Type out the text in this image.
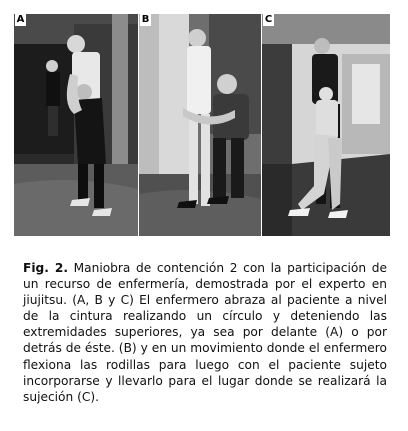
A	B	C

Fig. 2. Maniobra de contención 2 con la participación de un recurso de enfermería, demostrada por el experto en jiujitsu. (A, B y C) El enfermero abraza al paciente a nivel de la cintura realizando un círculo y deteniendo las extremidades superiores, ya sea por delante (A) o por detrás de éste. (B) y en un movimiento donde el enfermero flexiona las rodillas para luego con el paciente sujeto incorporarse y llevarlo para el lugar donde se realizará la sujeción (C).
